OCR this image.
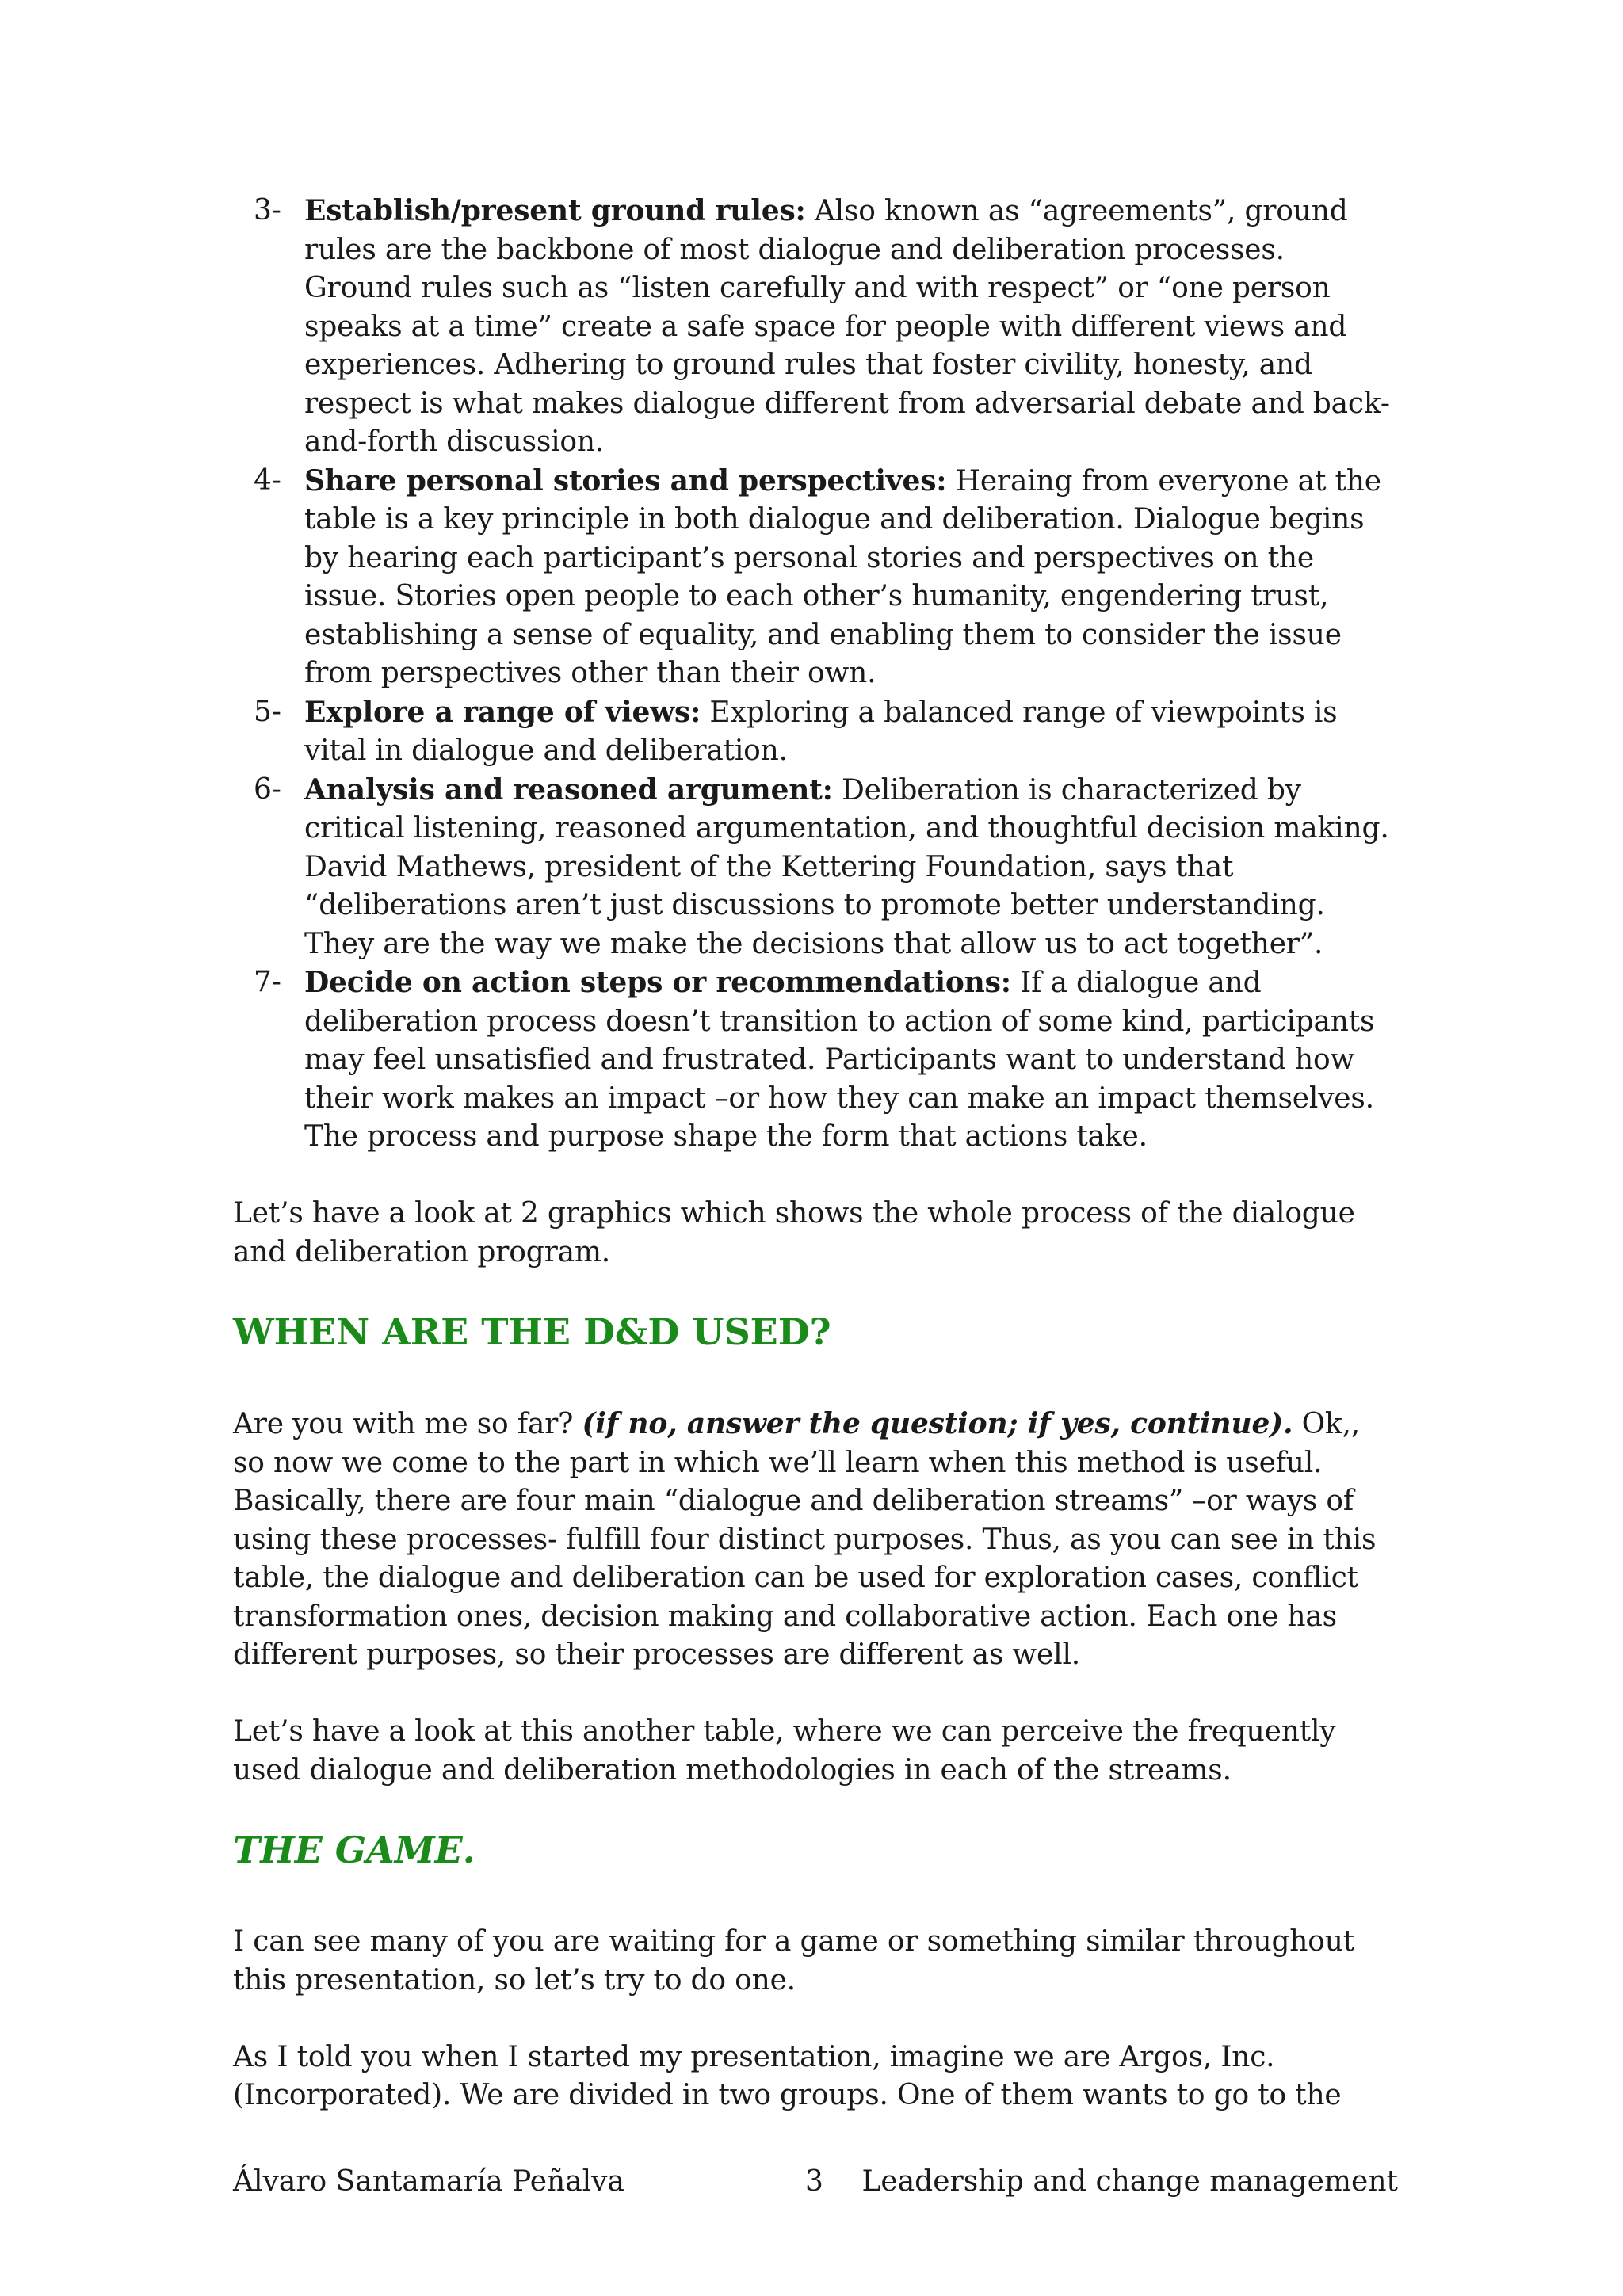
3- Establish/present ground rules: Also known as “agreements”, ground rules are the backbone of most dialogue and deliberation processes. Ground rules such as “listen carefully and with respect” or “one person speaks at a time” create a safe space for people with different views and experiences. Adhering to ground rules that foster civility, honesty, and respect is what makes dialogue different from adversarial debate and back-and-forth discussion.
4- Share personal stories and perspectives: Heraing from everyone at the table is a key principle in both dialogue and deliberation. Dialogue begins by hearing each participant’s personal stories and perspectives on the issue. Stories open people to each other’s humanity, engendering trust, establishing a sense of equality, and enabling them to consider the issue from perspectives other than their own.
5- Explore a range of views: Exploring a balanced range of viewpoints is vital in dialogue and deliberation.
6- Analysis and reasoned argument: Deliberation is characterized by critical listening, reasoned argumentation, and thoughtful decision making. David Mathews, president of the Kettering Foundation, says that “deliberations aren’t just discussions to promote better understanding. They are the way we make the decisions that allow us to act together”.
7- Decide on action steps or recommendations: If a dialogue and deliberation process doesn’t transition to action of some kind, participants may feel unsatisfied and frustrated. Participants want to understand how their work makes an impact –or how they can make an impact themselves. The process and purpose shape the form that actions take.

Let’s have a look at 2 graphics which shows the whole process of the dialogue and deliberation program.

WHEN ARE THE D&D USED?

Are you with me so far? (if no, answer the question; if yes, continue). Ok,, so now we come to the part in which we’ll learn when this method is useful. Basically, there are four main “dialogue and deliberation streams” –or ways of using these processes- fulfill four distinct purposes. Thus, as you can see in this table, the dialogue and deliberation can be used for exploration cases, conflict transformation ones, decision making and collaborative action. Each one has different purposes, so their processes are different as well.

Let’s have a look at this another table, where we can perceive the frequently used dialogue and deliberation methodologies in each of the streams.

THE GAME.

I can see many of you are waiting for a game or something similar throughout this presentation, so let’s try to do one.

As I told you when I started my presentation, imagine we are Argos, Inc. (Incorporated). We are divided in two groups. One of them wants to go to the

Álvaro Santamaría Peñalva	3 Leadership and change management
